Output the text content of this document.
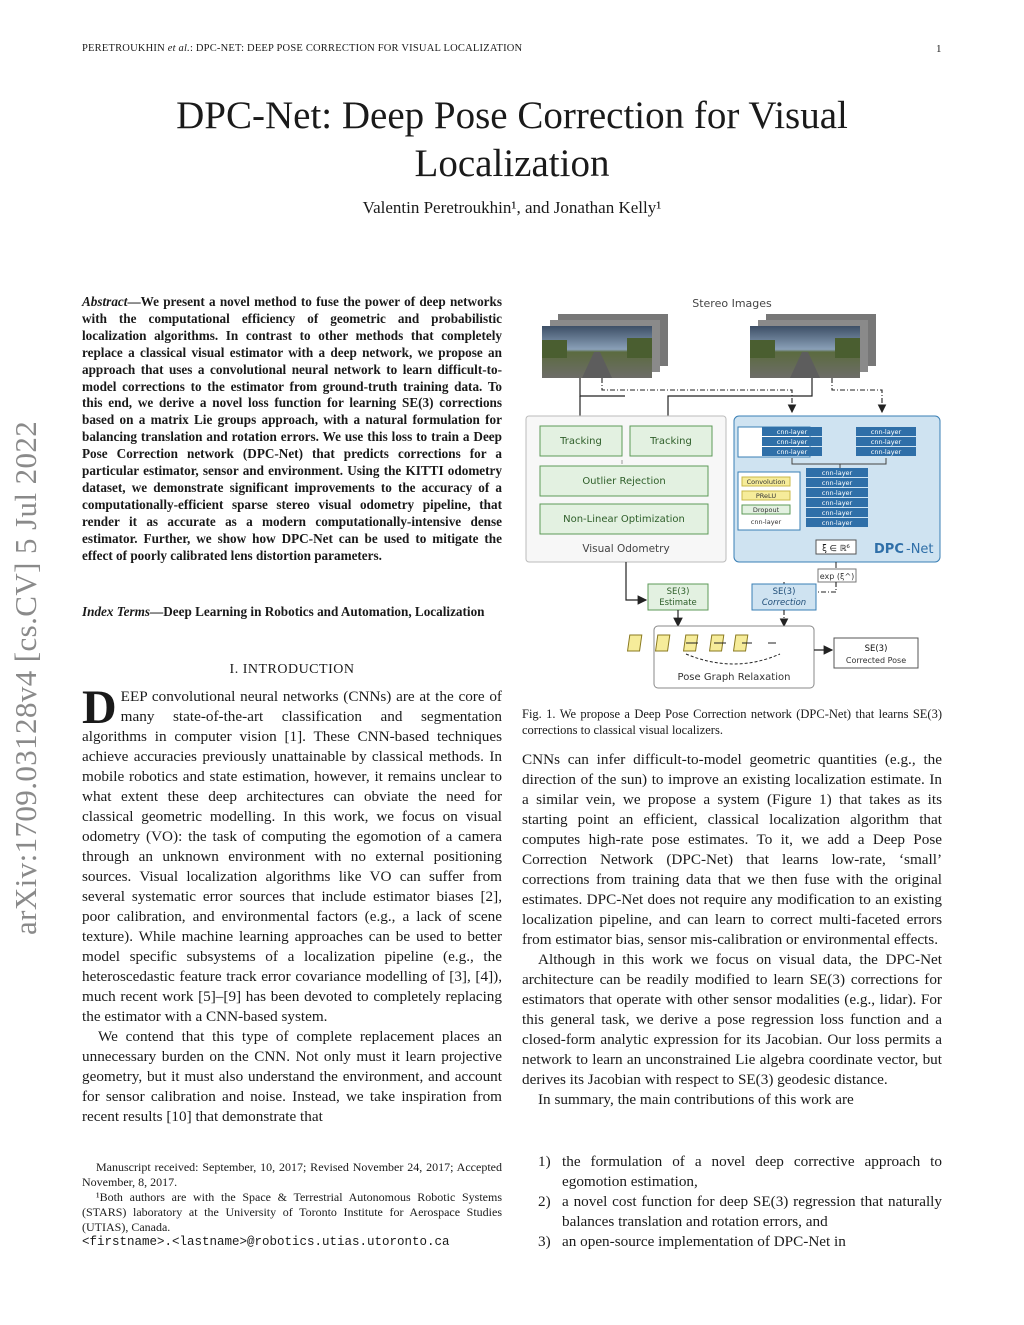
PERETROUKHIN et al.: DPC-NET: DEEP POSE CORRECTION FOR VISUAL LOCALIZATION	1
DPC-Net: Deep Pose Correction for Visual
Localization
Valentin Peretroukhin¹, and Jonathan Kelly¹
arXiv:1709.03128v4 [cs.CV] 5 Jul 2022
Abstract—We present a novel method to fuse the power of deep networks with the computational efficiency of geometric and probabilistic localization algorithms. In contrast to other methods that completely replace a classical visual estimator with a deep network, we propose an approach that uses a convolutional neural network to learn difficult-to-model corrections to the estimator from ground-truth training data. To this end, we derive a novel loss function for learning SE(3) corrections based on a matrix Lie groups approach, with a natural formulation for balancing translation and rotation errors. We use this loss to train a Deep Pose Correction network (DPC-Net) that predicts corrections for a particular estimator, sensor and environment. Using the KITTI odometry dataset, we demonstrate significant improvements to the accuracy of a computationally-efficient sparse stereo visual odometry pipeline, that render it as accurate as a modern computationally-intensive dense estimator. Further, we show how DPC-Net can be used to mitigate the effect of poorly calibrated lens distortion parameters.
Index Terms—Deep Learning in Robotics and Automation, Localization
I. INTRODUCTION

DEEP convolutional neural networks (CNNs) are at the core of many state-of-the-art classification and segmentation algorithms in computer vision [1]. These CNN-based techniques achieve accuracies previously unattainable by classical methods. In mobile robotics and state estimation, however, it remains unclear to what extent these deep architectures can obviate the need for classical geometric modelling. In this work, we focus on visual odometry (VO): the task of computing the egomotion of a camera through an unknown environment with no external positioning sources. Visual localization algorithms like VO can suffer from several systematic error sources that include estimator biases [2], poor calibration, and environmental factors (e.g., a lack of scene texture). While machine learning approaches can be used to better model specific subsystems of a localization pipeline (e.g., the heteroscedastic feature track error covariance modelling of [3], [4]), much recent work [5]–[9] has been devoted to completely replacing the estimator with a CNN-based system.

We contend that this type of complete replacement places an unnecessary burden on the CNN. Not only must it learn projective geometry, but it must also understand the environment, and account for sensor calibration and noise. Instead, we take inspiration from recent results [10] that demonstrate that

Manuscript received: September, 10, 2017; Revised November 24, 2017; Accepted November, 8, 2017.

¹Both authors are with the Space & Terrestrial Autonomous Robotic Systems (STARS) laboratory at the University of Toronto Institute for Aerospace Studies (UTIAS), Canada.

<firstname>.<lastname>@robotics.utias.utoronto.ca
Stereo Images
Tracking	Tracking
Outlier Rejection
Non-Linear Optimization
Visual Odometry
cnn-layer
cnn-layer
cnn-layer
cnn-layer
cnn-layer
cnn-layer
Convolution
PReLU
Dropout
cnn-layer
cnn-layer
cnn-layer
cnn-layer
cnn-layer
cnn-layer
cnn-layer
ξ ∈ ℝ⁶ DPC -Net
exp (ξ^)
SE(3)
Estimate
SE(3)
Correction
Pose Graph Relaxation
SE(3)
Corrected Pose
Fig. 1. We propose a Deep Pose Correction network (DPC-Net) that learns SE(3) corrections to classical visual localizers.

CNNs can infer difficult-to-model geometric quantities (e.g., the direction of the sun) to improve an existing localization estimate. In a similar vein, we propose a system (Figure 1) that takes as its starting point an efficient, classical localization algorithm that computes high-rate pose estimates. To it, we add a Deep Pose Correction Network (DPC-Net) that learns low-rate, ‘small’ corrections from training data that we then fuse with the original estimates. DPC-Net does not require any modification to an existing localization pipeline, and can learn to correct multi-faceted errors from estimator bias, sensor mis-calibration or environmental effects.

Although in this work we focus on visual data, the DPC-Net architecture can be readily modified to learn SE(3) corrections for estimators that operate with other sensor modalities (e.g., lidar). For this general task, we derive a pose regression loss function and a closed-form analytic expression for its Jacobian. Our loss permits a network to learn an unconstrained Lie algebra coordinate vector, but derives its Jacobian with respect to SE(3) geodesic distance.

In summary, the main contributions of this work are

1) the formulation of a novel deep corrective approach to egomotion estimation,
2) a novel cost function for deep SE(3) regression that naturally balances translation and rotation errors, and
3) an open-source implementation of DPC-Net in
